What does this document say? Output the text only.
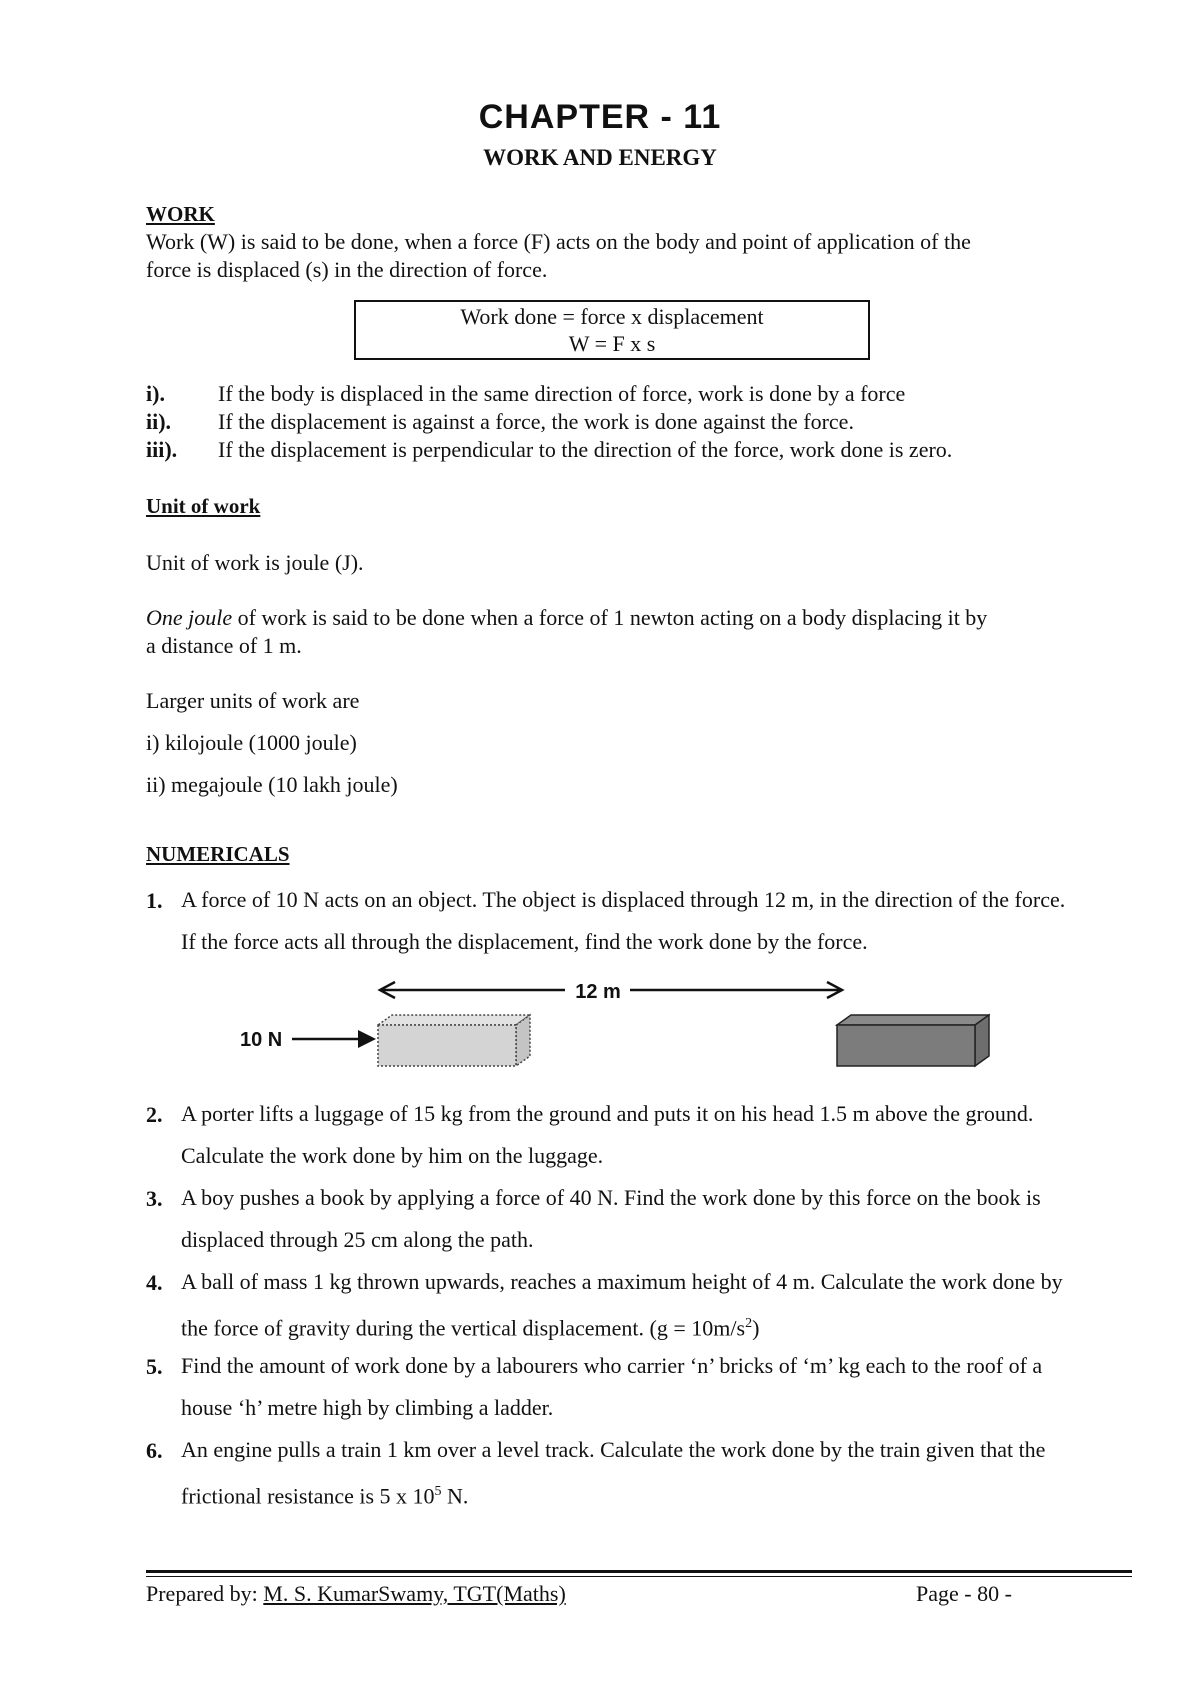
CHAPTER - 11
WORK AND ENERGY
WORK
Work (W) is said to be done, when a force (F) acts on the body and point of application of the
force is displaced (s) in the direction of force.
Work done = force x displacement
W = F x s
i). If the body is displaced in the same direction of force, work is done by a force
ii). If the displacement is against a force, the work is done against the force.
iii). If the displacement is perpendicular to the direction of the force, work done is zero.
Unit of work
Unit of work is joule (J).
One joule of work is said to be done when a force of 1 newton acting on a body displacing it by
a distance of 1 m.
Larger units of work are
i) kilojoule (1000 joule)
ii) megajoule (10 lakh joule)
NUMERICALS
1. A force of 10 N acts on an object. The object is displaced through 12 m, in the direction of the force. If the force acts all through the displacement, find the work done by the force.
12 m
10 N
2. A porter lifts a luggage of 15 kg from the ground and puts it on his head 1.5 m above the ground. Calculate the work done by him on the luggage.
3. A boy pushes a book by applying a force of 40 N. Find the work done by this force on the book is displaced through 25 cm along the path.
4. A ball of mass 1 kg thrown upwards, reaches a maximum height of 4 m. Calculate the work done by the force of gravity during the vertical displacement. $(g = 10m/s^2)$
5. Find the amount of work done by a labourers who carrier ‘n’ bricks of ‘m’ kg each to the roof of a house ‘h’ metre high by climbing a ladder.
6. An engine pulls a train 1 km over a level track. Calculate the work done by the train given that the frictional resistance is 5 x $10^5$ N.
Prepared by: M. S. KumarSwamy, TGT(Maths)	Page - 80 -
